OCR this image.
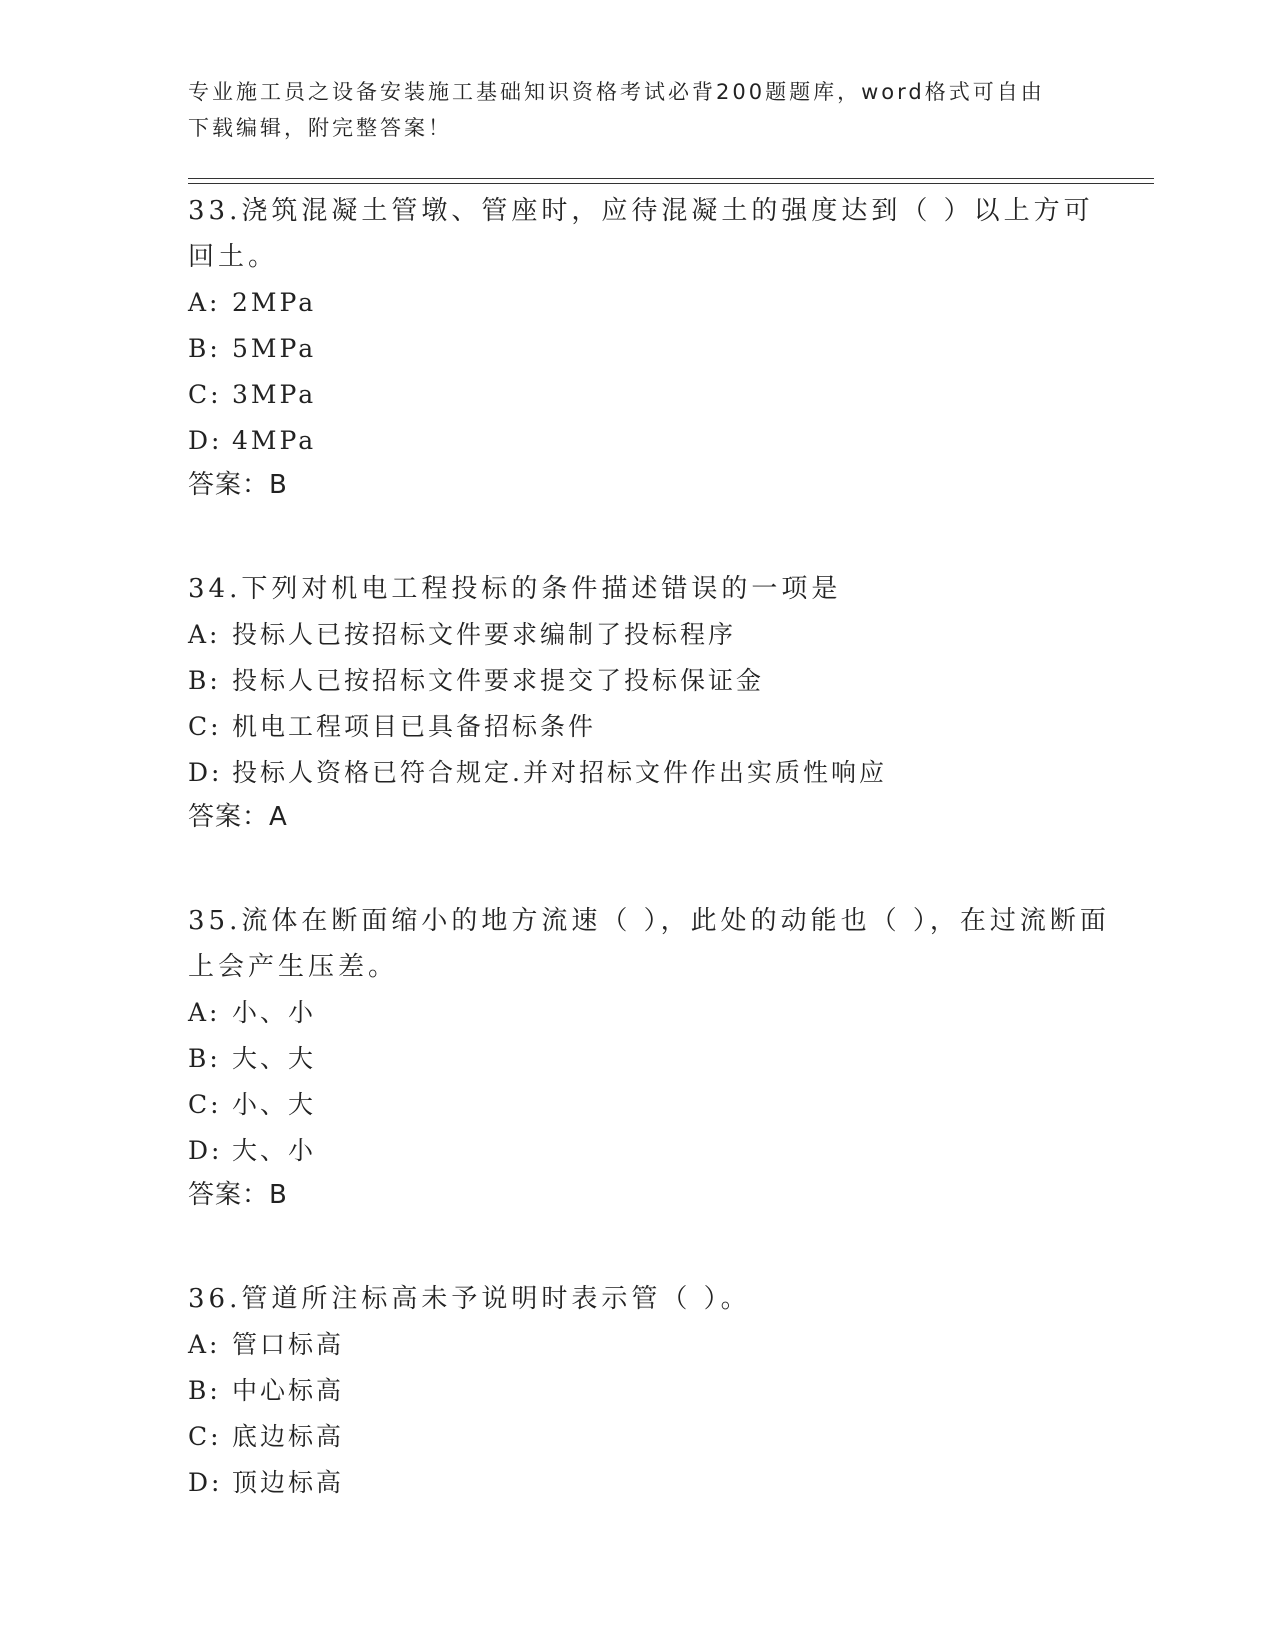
专业施工员之设备安装施工基础知识资格考试必背200题题库，word格式可自由
下载编辑，附完整答案！

33.浇筑混凝土管墩、管座时，应待混凝土的强度达到（ ）以上方可回土。

A: 2MPa
B: 5MPa
C: 3MPa
D: 4MPa

答案：B

34.下列对机电工程投标的条件描述错误的一项是

A: 投标人已按招标文件要求编制了投标程序
B: 投标人已按招标文件要求提交了投标保证金
C: 机电工程项目已具备招标条件
D: 投标人资格已符合规定.并对招标文件作出实质性响应

答案：A

35.流体在断面缩小的地方流速（ ），此处的动能也（ ），在过流断面上会产生压差。

A: 小、小
B: 大、大
C: 小、大
D: 大、小

答案：B

36.管道所注标高未予说明时表示管（ ）。

A: 管口标高
B: 中心标高
C: 底边标高
D: 顶边标高
